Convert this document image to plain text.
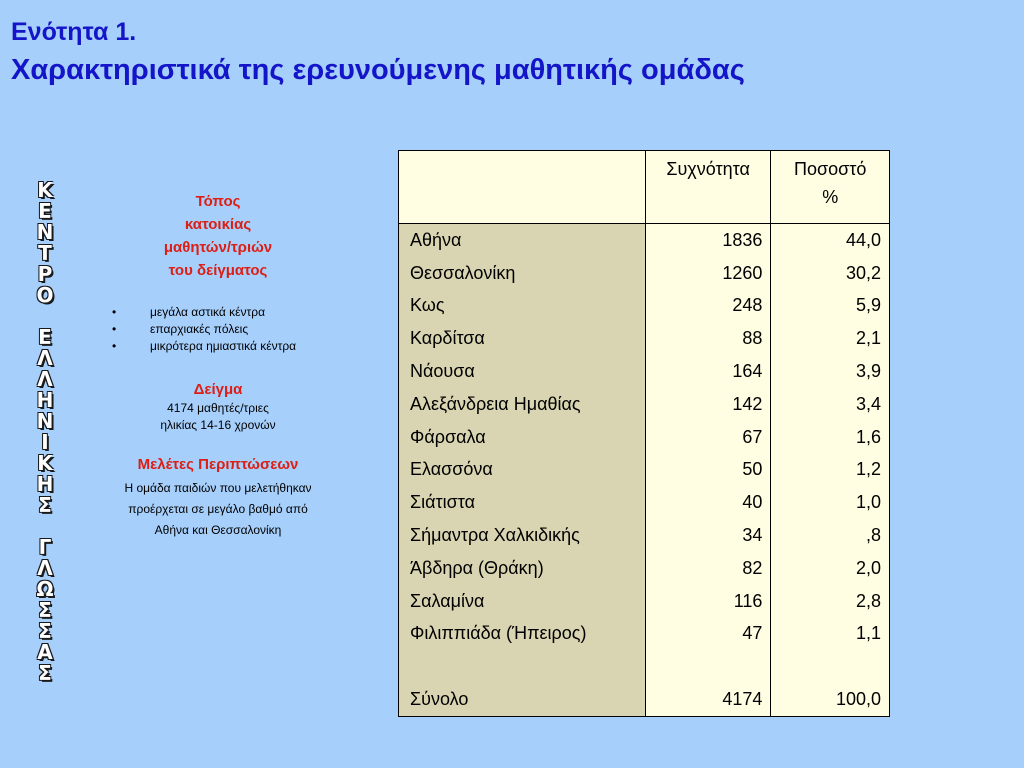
Ενότητα 1.
Χαρακτηριστικά της ερευνούμενης μαθητικής ομάδας
Κ
Ε
Ν
Τ
Ρ
Ο
Ε
Λ
Λ
Η
Ν
Ι
Κ
Η
Σ
Γ
Λ
Ω
Σ
Σ
Α
Σ
Τόπος
κατοικίας
μαθητών/τριών
του δείγματος
•	μεγάλα αστικά κέντρα
•	επαρχιακές πόλεις
•	μικρότερα ημιαστικά κέντρα
Δείγμα
4174 μαθητές/τριες
ηλικίας 14-16 χρονών
Μελέτες Περιπτώσεων
Η ομάδα παιδιών που μελετήθηκαν
προέρχεται σε μεγάλο βαθμό από
Αθήνα και Θεσσαλονίκη
	Συχνότητα	Ποσοστό
%

Αθήνα	1836	44,0
Θεσσαλονίκη	1260	30,2
Κως	248	5,9
Καρδίτσα	88	2,1
Νάουσα	164	3,9
Αλεξάνδρεια Ημαθίας	142	3,4
Φάρσαλα	67	1,6
Ελασσόνα	50	1,2
Σιάτιστα	40	1,0
Σήμαντρα Χαλκιδικής	34	,8
Άβδηρα (Θράκη)	82	2,0
Σαλαμίνα	116	2,8
Φιλιππιάδα (Ήπειρος)	47	1,1

Σύνολο	4174	100,0
